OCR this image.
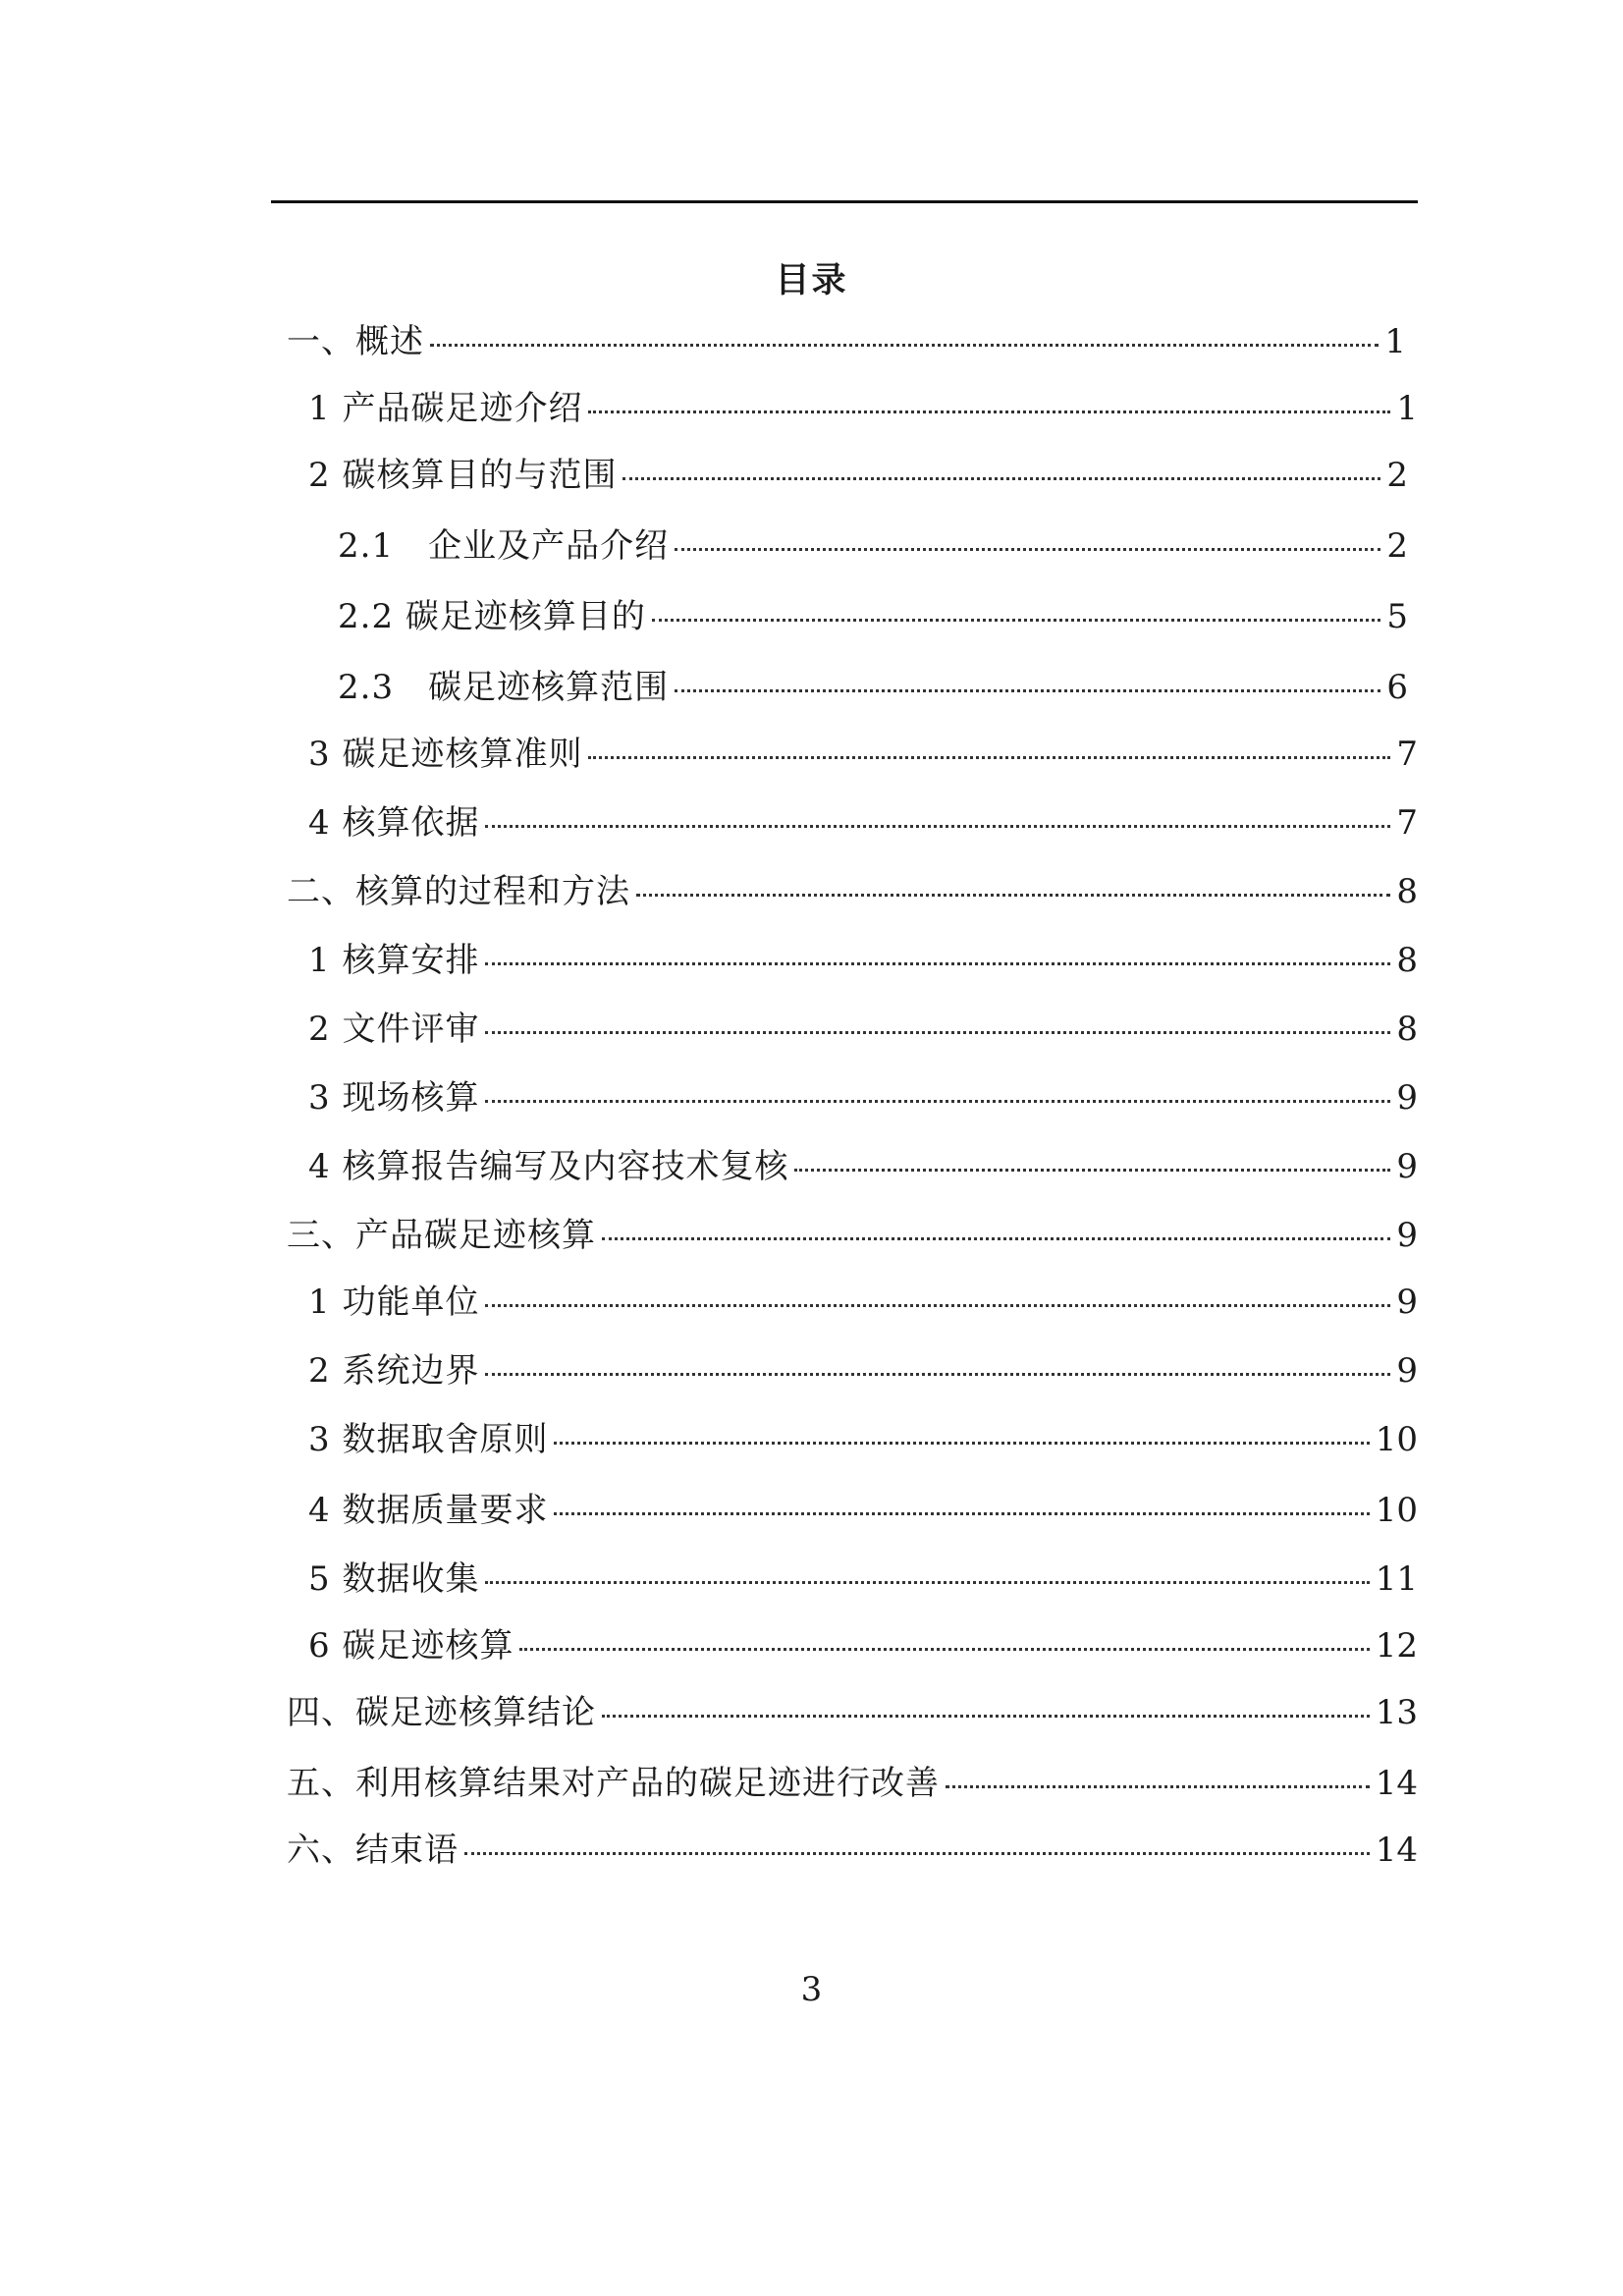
目录
一、概述	1
1 产品碳足迹介绍	1
2 碳核算目的与范围	2
2.1　企业及产品介绍	2
2.2 碳足迹核算目的	5
2.3　碳足迹核算范围	6
3 碳足迹核算准则	7
4 核算依据	7
二、核算的过程和方法	8
1 核算安排	8
2 文件评审	8
3 现场核算	9
4 核算报告编写及内容技术复核	9
三、产品碳足迹核算	9
1 功能单位	9
2 系统边界	9
3 数据取舍原则	10
4 数据质量要求	10
5 数据收集	11
6 碳足迹核算	12
四、碳足迹核算结论	13
五、利用核算结果对产品的碳足迹进行改善	14
六、结束语	14
3
